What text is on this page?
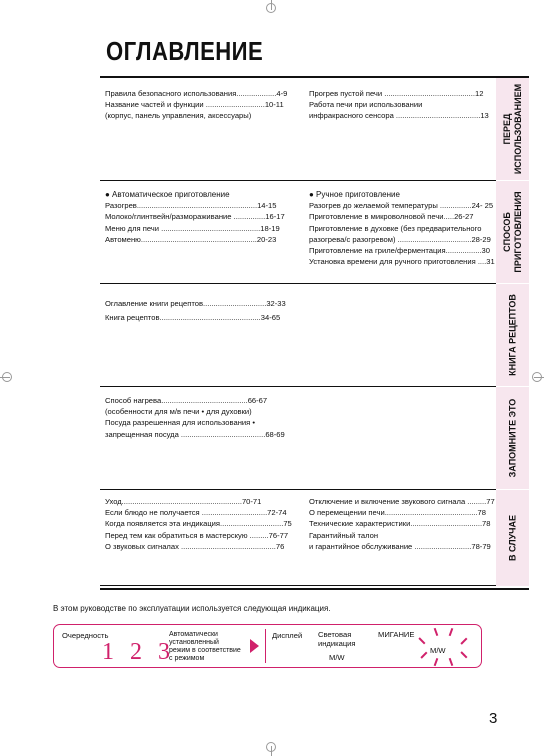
ОГЛАВЛЕНИЕ
Правила безопасного использования...................4-9
Название частей и функции ............................10-11
(корпус, панель управления, аксессуары)
Прогрев пустой печи ...........................................12
Работа печи при использовании
инфракрасного сенсора ........................................13 ПЕРЕД ИСПОЛЬЗОВАНИЕМ
● Автоматическое приготовление
Разогрев.........................................................14-15
Молоко/глинтвейн/размораживание ...............16-17
Меню для печи ...............................................18-19
Автоменю.......................................................20-23
● Ручное приготовление
Разогрев до желаемой температуры ...............24- 25
Приготовление в микроволновой печи.....26-27
Приготовление в духовке (без предварительного
разогрева/с разогревом) ...................................28-29
Приготовление на гриле/ферментация.................30
Установка времени для ручного приготовления ....31
СПОСОБ ПРИГОТОВЛЕНИЯ
Оглавление книги рецептов..............................32-33
Книга рецептов................................................34-65	КНИГА РЕЦЕПТОВ
Способ нагрева.........................................66-67
(особенности для м/в печи • для духовки)
Посуда разрешенная для использования •
запрещенная посуда ........................................68-69	ЗАПОМНИТЕ ЭТО
Уход.........................................................70-71
Если блюдо не получается ...............................72-74
Когда появляется эта индикация..............................75
Перед тем как обратиться в мастерскую .........76-77
О звуковых сигналах .............................................76
Отключение и включение звукового сигнала .........77
О перемещении печи............................................78
Технические характеристики..................................78
Гарантийный талон
и гарантийное обслуживание ...........................78-79	В СЛУЧАЕ
В этом руководстве по эксплуатации используется следующая индикация.
Очередность
1 2 3
Автоматически
установленный
режим в соответствие
с режимом
Дисплей Световая
индикация
M/W
МИГАНИЕ
M/W
3
